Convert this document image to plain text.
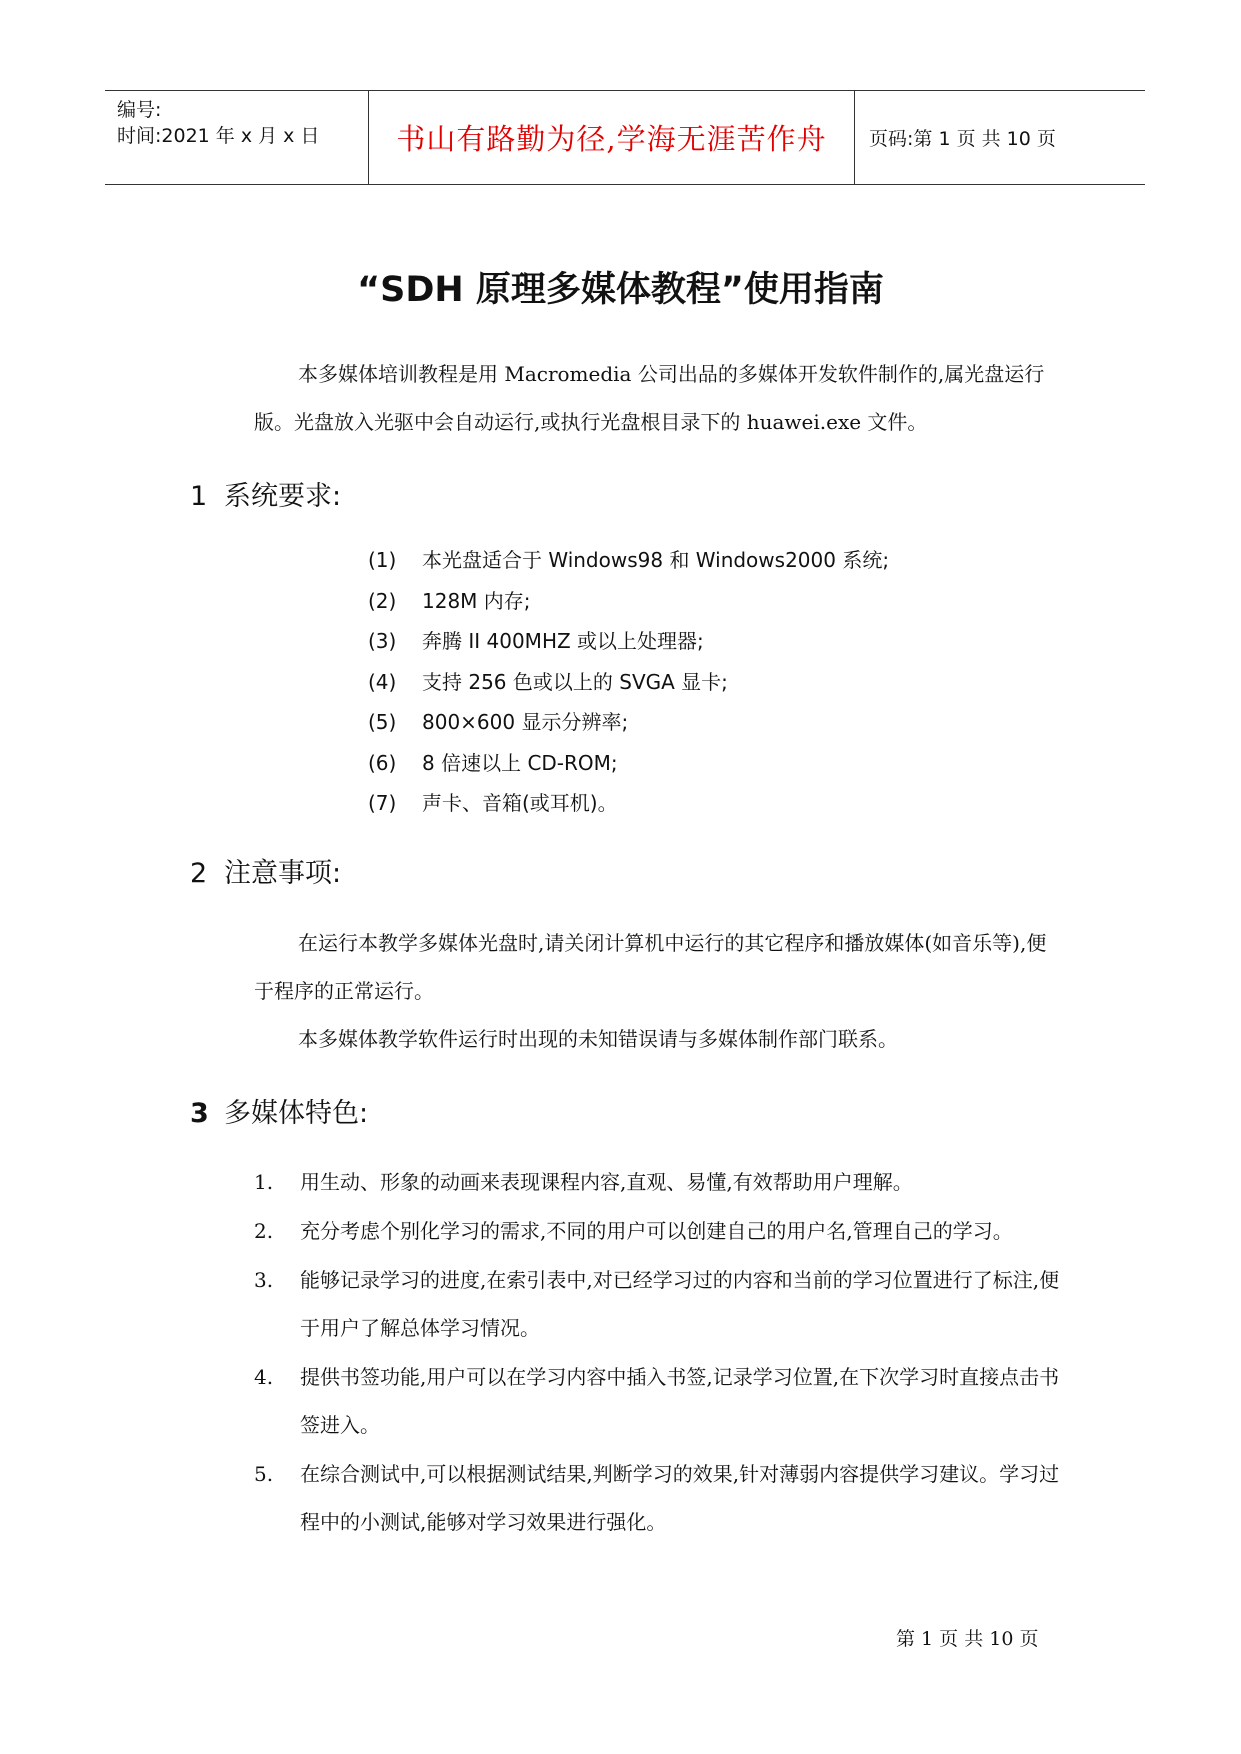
编号:
时间:2021 年 x 月 x 日	书山有路勤为径,学海无涯苦作舟	页码:第 1 页 共 10 页
“SDH 原理多媒体教程”使用指南
本多媒体培训教程是用 Macromedia 公司出品的多媒体开发软件制作的,属光盘运行版。光盘放入光驱中会自动运行,或执行光盘根目录下的 huawei.exe 文件。
1 系统要求:
(1) 本光盘适合于 Windows98 和 Windows2000 系统;
(2) 128M 内存;
(3) 奔腾 II 400MHZ 或以上处理器;
(4) 支持 256 色或以上的 SVGA 显卡;
(5) 800×600 显示分辨率;
(6) 8 倍速以上 CD-ROM;
(7) 声卡、音箱(或耳机)。
2 注意事项:
在运行本教学多媒体光盘时,请关闭计算机中运行的其它程序和播放媒体(如音乐等),便于程序的正常运行。
本多媒体教学软件运行时出现的未知错误请与多媒体制作部门联系。
3 多媒体特色:
1. 用生动、形象的动画来表现课程内容,直观、易懂,有效帮助用户理解。
2. 充分考虑个别化学习的需求,不同的用户可以创建自己的用户名,管理自己的学习。
3. 能够记录学习的进度,在索引表中,对已经学习过的内容和当前的学习位置进行了标注,便于用户了解总体学习情况。
4. 提供书签功能,用户可以在学习内容中插入书签,记录学习位置,在下次学习时直接点击书签进入。
5. 在综合测试中,可以根据测试结果,判断学习的效果,针对薄弱内容提供学习建议。学习过程中的小测试,能够对学习效果进行强化。
第 1 页 共 10 页
